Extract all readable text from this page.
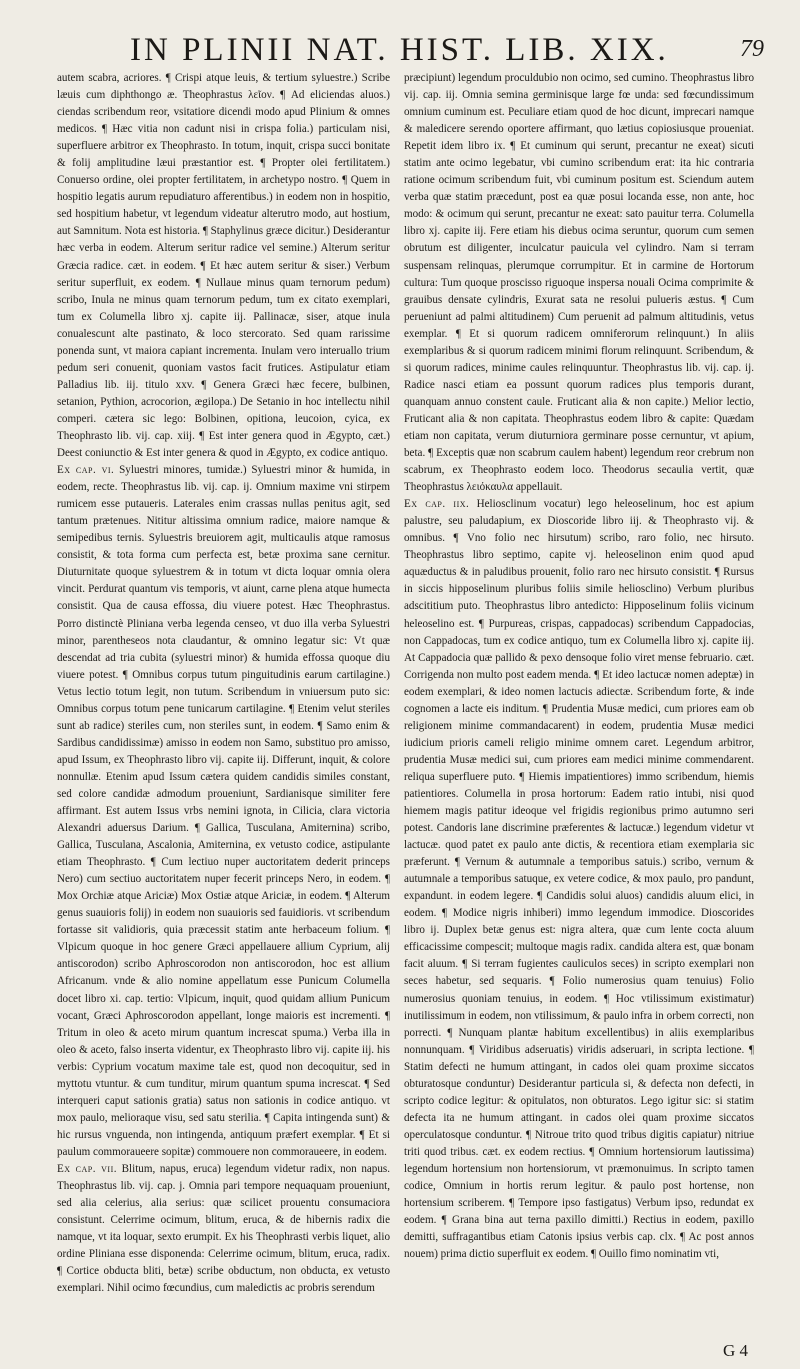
IN PLINII NAT. HIST. LIB. XIX.	79

autem scabra, acriores. ¶ Crispi atque leuis, & tertium syluestre.) Scribe læuis cum diphthongo æ. Theophrastus λεῖον. ¶ Ad eliciendas aluos.) ciendas scribendum reor, vsitatiore dicendi modo apud Plinium & omnes medicos. ¶ Hæc vitia non cadunt nisi in crispa folia.) particulam nisi, superfluere arbitror ex Theophrasto. In totum, inquit, crispa succi bonitate & folij amplitudine læui præstantior est. ¶ Propter olei fertilitatem.) Conuerso ordine, olei propter fertilitatem, in archetypo nostro. ¶ Quem in hospitio legatis aurum repudiaturo afferentibus.) in eodem non in hospitio, sed hospitium habetur, vt legendum videatur alterutro modo, aut hostium, aut Samnitum. Nota est historia. ¶ Staphylinus græce dicitur.) Desiderantur hæc verba in eodem. Alterum seritur radice vel semine.) Alterum seritur Græcia radice. cæt. in eodem. ¶ Et hæc autem seritur & siser.) Verbum seritur superfluit, ex eodem. ¶ Nullaue minus quam ternorum pedum) scribo, Inula ne minus quam ternorum pedum, tum ex citato exemplari, tum ex Columella libro xj. capite iij. Pallinacæ, siser, atque inula conualescunt alte pastinato, & loco stercorato. Sed quam rarissime ponenda sunt, vt maiora capiant incrementa. Inulam vero interuallo trium pedum seri conuenit, quoniam vastos facit frutices. Astipulatur etiam Palladius lib. iij. titulo xxv. ¶ Genera Græci hæc fecere, bulbinen, setanion, Pythion, acrocorion, ægilopa.) De Setanio in hoc intellectu nihil comperi. cætera sic lego: Bolbinen, opitiona, leucoion, cyica, ex Theophrasto lib. vij. cap. xiij. ¶ Est inter genera quod in Ægypto, cæt.) Deest coniunctio & Est inter genera & quod in Ægypto, ex codice antiquo.

Ex cap. vi. Syluestri minores, tumidæ.) Syluestri minor & humida, in eodem, recte. Theophrastus lib. vij. cap. ij. Omnium maxime vni stirpem rumicem esse putaueris. Laterales enim crassas nullas penitus agit, sed tantum prætenues. Nititur altissima omnium radice, maiore namque & semipedibus ternis. Syluestris breuiorem agit, multicaulis atque ramosus consistit, & tota forma cum perfecta est, betæ proxima sane cernitur. Diuturnitate quoque syluestrem & in totum vt dicta loquar omnia olera vincit. Perdurat quantum vis temporis, vt aiunt, carne plena atque humecta consistit. Qua de causa effossa, diu viuere potest. Hæc Theophrastus. Porro distinctè Pliniana verba legenda censeo, vt duo illa verba Syluestri minor, parentheseos nota claudantur, & omnino legatur sic: Vt quæ descendat ad tria cubita (syluestri minor) & humida effossa quoque diu viuere potest. ¶ Omnibus corpus tutum pinguitudinis earum cartilagine.) Vetus lectio totum legit, non tutum. Scribendum in vniuersum puto sic: Omnibus corpus totum pene tunicarum cartilagine. ¶ Etenim velut steriles sunt ab radice) steriles cum, non steriles sunt, in eodem. ¶ Samo enim & Sardibus candidissimæ) amisso in eodem non Samo, substituo pro amisso, apud Issum, ex Theophrasto libro vij. capite iij. Differunt, inquit, & colore nonnullæ. Etenim apud Issum cætera quidem candidis similes constant, sed colore candidæ admodum proueniunt, Sardianisque similiter fere affirmant. Est autem Issus vrbs nemini ignota, in Cilicia, clara victoria Alexandri aduersus Darium. ¶ Gallica, Tusculana, Amiternina) scribo, Gallica, Tusculana, Ascalonia, Amiternina, ex vetusto codice, astipulante etiam Theophrasto. ¶ Cum lectiuo nuper auctoritatem dederit princeps Nero) cum sectiuo auctoritatem nuper fecerit princeps Nero, in eodem. ¶ Mox Orchiæ atque Ariciæ) Mox Ostiæ atque Ariciæ, in eodem. ¶ Alterum genus suauioris folij) in eodem non suauioris sed fauidioris. vt scribendum fortasse sit validioris, quia præcessit statim ante herbaceum folium. ¶ Vlpicum quoque in hoc genere Græci appellauere allium Cyprium, alij antiscorodon) scribo Aphroscorodon non antiscorodon, hoc est allium Africanum. vnde & alio nomine appellatum esse Punicum Columella docet libro xi. cap. tertio: Vlpicum, inquit, quod quidam allium Punicum vocant, Græci Aphroscorodon appellant, longe maioris est incrementi. ¶ Tritum in oleo & aceto mirum quantum increscat spuma.) Verba illa in oleo & aceto, falso inserta videntur, ex Theophrasto libro vij. capite iij. his verbis: Cyprium vocatum maxime tale est, quod non decoquitur, sed in myttotu vtuntur. & cum tunditur, mirum quantum spuma increscat. ¶ Sed interqueri caput sationis gratia) satus non sationis in codice antiquo. vt mox paulo, melioraque visu, sed satu sterilia. ¶ Capita intingenda sunt) & hic rursus vnguenda, non intingenda, antiquum præfert exemplar. ¶ Et si paulum commoraueere sopitæ) commouere non commoraueere, in eodem.

Ex cap. vii. Blitum, napus, eruca) legendum videtur radix, non napus. Theophrastus lib. vij. cap. j. Omnia pari tempore nequaquam proueniunt, sed alia celerius, alia serius: quæ scilicet prouentu consumaciora consistunt. Celerrime ocimum, blitum, eruca, & de hibernis radix die namque, vt ita loquar, sexto erumpit. Ex his Theophrasti verbis liquet, alio ordine Pliniana esse disponenda: Celerrime ocimum, blitum, eruca, radix. ¶ Cortice obducta bliti, betæ) scribe obductum, non obducta, ex vetusto exemplari. Nihil ocimo fœcundius, cum maledictis ac probris serendum

præcipiunt) legendum proculdubio non ocimo, sed cumino. Theophrastus libro vij. cap. iij. Omnia semina germinisque large fœ unda: sed fœcundissimum omnium cuminum est. Peculiare etiam quod de hoc dicunt, imprecari namque & maledicere serendo oportere affirmant, quo lætius copiosiusque proueniat. Repetit idem libro ix. ¶ Et cuminum qui serunt, precantur ne exeat) sicuti statim ante ocimo legebatur, vbi cumino scribendum erat: ita hic contraria ratione ocimum scribendum fuit, vbi cuminum positum est. Sciendum autem verba quæ statim præcedunt, post ea quæ posui locanda esse, non ante, hoc modo: & ocimum qui serunt, precantur ne exeat: sato pauitur terra. Columella libro xj. capite iij. Fere etiam his diebus ocima seruntur, quorum cum semen obrutum est diligenter, inculcatur pauicula vel cylindro. Nam si terram suspensam relinquas, plerumque corrumpitur. Et in carmine de Hortorum cultura: Tum quoque proscisso riguoque inspersa nouali Ocima comprimite & grauibus densate cylindris, Exurat sata ne resolui pulueris æstus. ¶ Cum perueniunt ad palmi altitudinem) Cum peruenit ad palmum altitudinis, vetus exemplar. ¶ Et si quorum radicem omniferorum relinquunt.) In aliis exemplaribus & si quorum radicem minimi florum relinquunt. Scribendum, & si quorum radices, minime caules relinquuntur. Theophrastus lib. vij. cap. ij. Radice nasci etiam ea possunt quorum radices plus temporis durant, quanquam annuo constent caule. Fruticant alia & non capite.) Melior lectio, Fruticant alia & non capitata. Theophrastus eodem libro & capite: Quædam etiam non capitata, verum diuturniora germinare posse cernuntur, vt apium, beta. ¶ Exceptis quæ non scabrum caulem habent) legendum reor crebrum non scabrum, ex Theophrasto eodem loco. Theodorus secaulia vertit, quæ Theophrastus λειόκαυλα appellauit.

Ex cap. iix. Heliosclinum vocatur) lego heleoselinum, hoc est apium palustre, seu paludapium, ex Dioscoride libro iij. & Theophrasto vij. & omnibus. ¶ Vno folio nec hirsutum) scribo, raro folio, nec hirsuto. Theophrastus libro septimo, capite vj. heleoselinon enim quod apud aquæductus & in paludibus prouenit, folio raro nec hirsuto consistit. ¶ Rursus in siccis hipposelinum pluribus foliis simile heliosclino) Verbum pluribus adscititium puto. Theophrastus libro antedicto: Hipposelinum foliis vicinum heleoselino est. ¶ Purpureas, crispas, cappadocas) scribendum Cappadocias, non Cappadocas, tum ex codice antiquo, tum ex Columella libro xj. capite iij. At Cappadocia quæ pallido & pexo densoque folio viret mense februario. cæt. Corrigenda non multo post eadem menda. ¶ Et ideo lactucæ nomen adeptæ) in eodem exemplari, & ideo nomen lactucis adiectæ. Scribendum forte, & inde cognomen a lacte eis inditum. ¶ Prudentia Musæ medici, cum priores eam ob religionem minime commandacarent) in eodem, prudentia Musæ medici iudicium prioris cameli religio minime omnem caret. Legendum arbitror, prudentia Musæ medici sui, cum priores eam medici minime commendarent. reliqua superfluere puto. ¶ Hiemis impatientiores) immo scribendum, hiemis patientiores. Columella in prosa hortorum: Eadem ratio intubi, nisi quod hiemem magis patitur ideoque vel frigidis regionibus primo autumno seri potest. Candoris lane discrimine præferentes & lactucæ.) legendum videtur vt lactucæ. quod patet ex paulo ante dictis, & recentiora etiam exemplaria sic præferunt. ¶ Vernum & autumnale a temporibus satuis.) scribo, vernum & autumnale a temporibus satuque, ex vetere codice, & mox paulo, pro pandunt, expandunt. in eodem legere. ¶ Candidis solui aluos) candidis aluum elici, in eodem. ¶ Modice nigris inhiberi) immo legendum immodice. Dioscorides libro ij. Duplex betæ genus est: nigra altera, quæ cum lente cocta aluum efficacissime compescit; multoque magis radix. candida altera est, quæ bonam facit aluum. ¶ Si terram fugientes cauliculos seces) in scripto exemplari non seces habetur, sed sequaris. ¶ Folio numerosius quam tenuius) Folio numerosius quoniam tenuius, in eodem. ¶ Hoc vtilissimum existimatur) inutilissimum in eodem, non vtilissimum, & paulo infra in orbem correcti, non porrecti. ¶ Nunquam plantæ habitum excellentibus) in aliis exemplaribus nonnunquam. ¶ Viridibus adseruatis) viridis adseruari, in scripta lectione. ¶ Statim defecti ne humum attingant, in cados olei quam proxime siccatos obturatosque conduntur) Desiderantur particula si, & defecta non defecti, in scripto codice legitur: & opitulatos, non obturatos. Lego igitur sic: si statim defecta ita ne humum attingant. in cados olei quam proxime siccatos operculatosque conduntur. ¶ Nitroue trito quod tribus digitis capiatur) nitriue triti quod tribus. cæt. ex eodem rectius. ¶ Omnium hortensiorum lautissima) legendum hortensium non hortensiorum, vt præmonuimus. In scripto tamen codice, Omnium in hortis rerum legitur. & paulo post hortense, non hortensium scriberem. ¶ Tempore ipso fastigatus) Verbum ipso, redundat ex eodem. ¶ Grana bina aut terna paxillo dimitti.) Rectius in eodem, paxillo demitti, suffragantibus etiam Catonis ipsius verbis cap. clx. ¶ Ac post annos nouem) prima dictio superfluit ex eodem. ¶ Ouillo fimo nominatim vti,

G 4
